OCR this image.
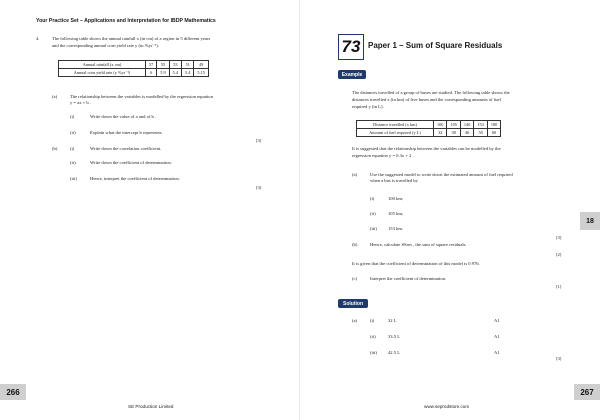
Your Practice Set – Applications and Interpretation for IBDP Mathematics
4.	The following table shows the annual rainfall x (in cm) of a region in 5 different years
and the corresponding annual corn yield rate y (in %yr⁻¹).
Annual rainfall (x cm)	57	55	53	51	49
Annual corn yield rate (y %yr⁻¹)	6	5.9	5.4	5.4	5.15
(a)	The relationship between the variables is modelled by the regression equation
y = ax + b .
(i)	Write down the value of a and of b .
(ii)	Explain what the intercept b represents.
[3]
(b)	(i)	Write down the correlation coefficient.
(ii)	Write down the coefficient of determination.
(iii)	Hence, interpret the coefficient of determination.
[3]
266
SE Production Limited
73 Paper 1 – Sum of Square Residuals
Example
The distances travelled of a group of buses are studied. The following table shows the
distances travelled x (in km) of five buses and the corresponding amounts of fuel
required y (in L).
Distance travelled (x km)	100	105	140	153	180
Amount of fuel required (y L)	32	38	46	50	60
It is suggested that the relationship between the variables can be modelled by the
regression equation y = 0.3x + 2 .
(a)	Use the suggested model to write down the estimated amount of fuel required
when a bus is travelled by
(i)	100 km;
(ii)	105 km;
(iii) 153 km.
[3]
(b)	Hence, calculate SSres , the sum of square residuals.
[2]
It is given that the coefficient of determination of this model is 0.976.
(c)	Interpret the coefficient of determination.
[1]
Solution
(a)	(i)	32 L	A1
(ii)	33.5 L	A1
(iii) 42.5 L	A1
[3]
18
267
www.seprodstore.com
